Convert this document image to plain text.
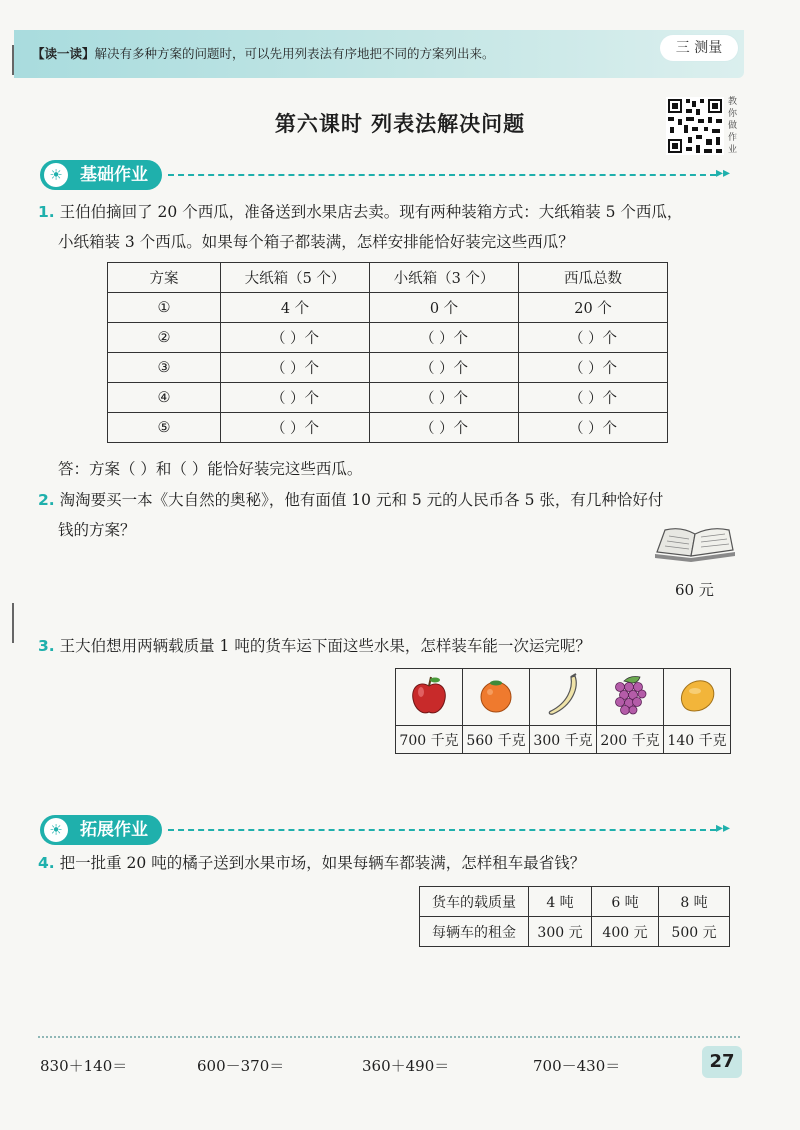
【读一读】解决有多种方案的问题时，可以先用列表法有序地把不同的方案列出来。	三 测量
第六课时 列表法解决问题
教你做作业
☀	基础作业	▸▸
1. 王伯伯摘回了 20 个西瓜，准备送到水果店去卖。现有两种装箱方式：大纸箱装 5 个西瓜，
小纸箱装 3 个西瓜。如果每个箱子都装满，怎样安排能恰好装完这些西瓜？
方案	大纸箱（5 个）	小纸箱（3 个）	西瓜总数
①	4 个	0 个	20 个
②	（ ）个	（ ）个	（ ）个
③	（ ）个	（ ）个	（ ）个
④	（ ）个	（ ）个	（ ）个
⑤	（ ）个	（ ）个	（ ）个
答：方案（ ）和（ ）能恰好装完这些西瓜。
2. 淘淘要买一本《大自然的奥秘》，他有面值 10 元和 5 元的人民币各 5 张，有几种恰好付
钱的方案？
60 元
3. 王大伯想用两辆载质量 1 吨的货车运下面这些水果，怎样装车能一次运完呢？

700 千克	560 千克	300 千克	200 千克	140 千克
☀	拓展作业	▸▸
4. 把一批重 20 吨的橘子送到水果市场，如果每辆车都装满，怎样租车最省钱？
货车的载质量	4 吨	6 吨	8 吨
每辆车的租金	300 元	400 元	500 元
830＋140＝	600－370＝	360＋490＝	700－430＝	27
